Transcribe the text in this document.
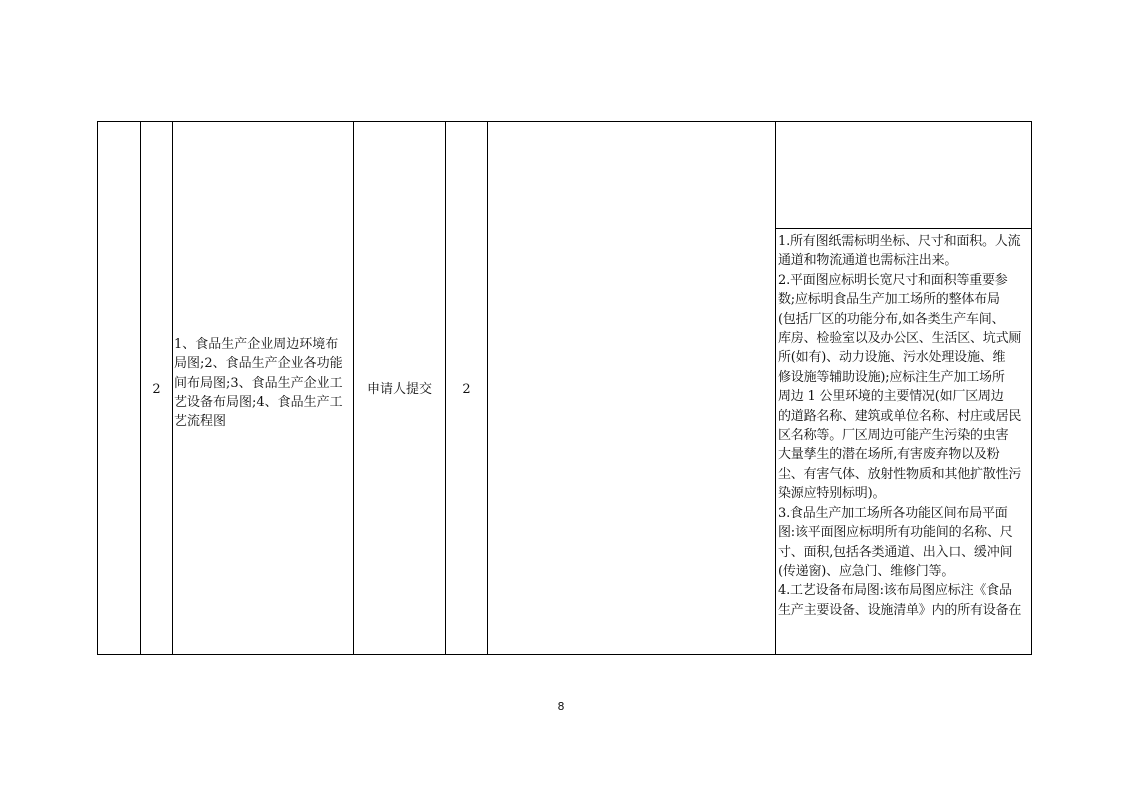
2
1、食品生产企业周边环境布
局图;2、食品生产企业各功能
间布局图;3、食品生产企业工
艺设备布局图;4、食品生产工
艺流程图
申请人提交	2
1.所有图纸需标明坐标、尺寸和面积。人流
通道和物流通道也需标注出来。
2.平面图应标明长宽尺寸和面积等重要参
数;应标明食品生产加工场所的整体布局
(包括厂区的功能分布,如各类生产车间、
库房、检验室以及办公区、生活区、坑式厕
所(如有)、动力设施、污水处理设施、维
修设施等辅助设施);应标注生产加工场所
周边 1 公里环境的主要情况(如厂区周边
的道路名称、建筑或单位名称、村庄或居民
区名称等。厂区周边可能产生污染的虫害
大量孳生的潜在场所,有害废弃物以及粉
尘、有害气体、放射性物质和其他扩散性污
染源应特别标明)。
3.食品生产加工场所各功能区间布局平面
图:该平面图应标明所有功能间的名称、尺
寸、面积,包括各类通道、出入口、缓冲间
(传递窗)、应急门、维修门等。
4.工艺设备布局图:该布局图应标注《食品
生产主要设备、设施清单》内的所有设备在
8
